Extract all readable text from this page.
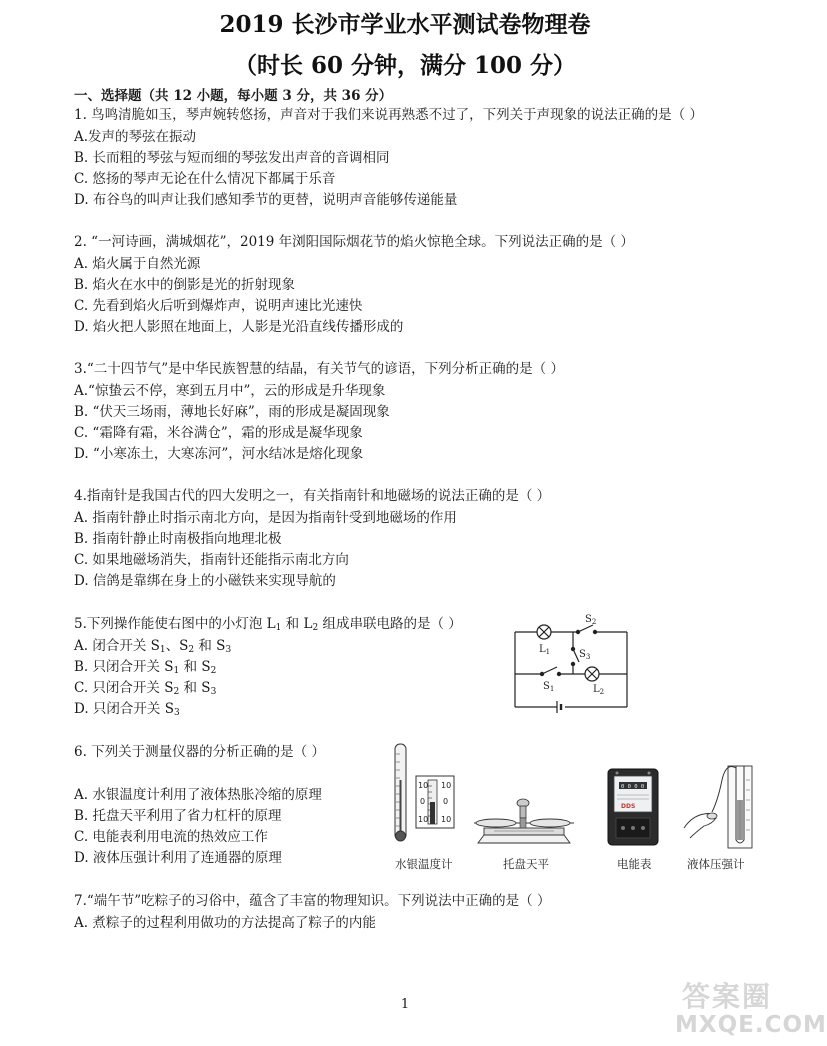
2019 长沙市学业水平测试卷物理卷
（时长 60 分钟，满分 100 分）
一、选择题（共 12 小题，每小题 3 分，共 36 分）
1. 鸟鸣清脆如玉，琴声婉转悠扬，声音对于我们来说再熟悉不过了，下列关于声现象的说法正确的是（ ）
A.发声的琴弦在振动
B. 长而粗的琴弦与短而细的琴弦发出声音的音调相同
C. 悠扬的琴声无论在什么情况下都属于乐音
D. 布谷鸟的叫声让我们感知季节的更替，说明声音能够传递能量
2. “一河诗画，满城烟花”，2019 年浏阳国际烟花节的焰火惊艳全球。下列说法正确的是（ ）
A. 焰火属于自然光源
B. 焰火在水中的倒影是光的折射现象
C. 先看到焰火后听到爆炸声，说明声速比光速快
D. 焰火把人影照在地面上，人影是光沿直线传播形成的
3.“二十四节气”是中华民族智慧的结晶，有关节气的谚语，下列分析正确的是（ ）
A.“惊蛰云不停，寒到五月中”，云的形成是升华现象
B. “伏天三场雨，薄地长好麻”，雨的形成是凝固现象
C. “霜降有霜，米谷满仓”，霜的形成是凝华现象
D. “小寒冻土，大寒冻河”，河水结冰是熔化现象
4.指南针是我国古代的四大发明之一，有关指南针和地磁场的说法正确的是（ ）
A. 指南针静止时指示南北方向，是因为指南针受到地磁场的作用
B. 指南针静止时南极指向地理北极
C. 如果地磁场消失，指南针还能指示南北方向
D. 信鸽是靠绑在身上的小磁铁来实现导航的
5.下列操作能使右图中的小灯泡 $L_1$ 和 $L_2$ 组成串联电路的是（ ）
A. 闭合开关 $S_1$、$S_2$ 和 $S_3$
B. 只闭合开关 $S_1$ 和 $S_2$
C. 只闭合开关 $S_2$ 和 $S_3$
D. 只闭合开关 $S_3$
$S_2$
$S_3$
$L_1$
$S_1$	$L_2$
6. 下列关于测量仪器的分析正确的是（ ）
A. 水银温度计利用了液体热胀冷缩的原理
B. 托盘天平利用了省力杠杆的原理
C. 电能表利用电流的热效应工作
D. 液体压强计利用了连通器的原理
10 10
0 0
10 10
水银温度计	托盘天平
0 0 0 0
DDS
电能表	液体压强计
7.“端午节”吃粽子的习俗中，蕴含了丰富的物理知识。下列说法中正确的是（ ）
A. 煮粽子的过程利用做功的方法提高了粽子的内能
1	答案圈
MXQE.COM
